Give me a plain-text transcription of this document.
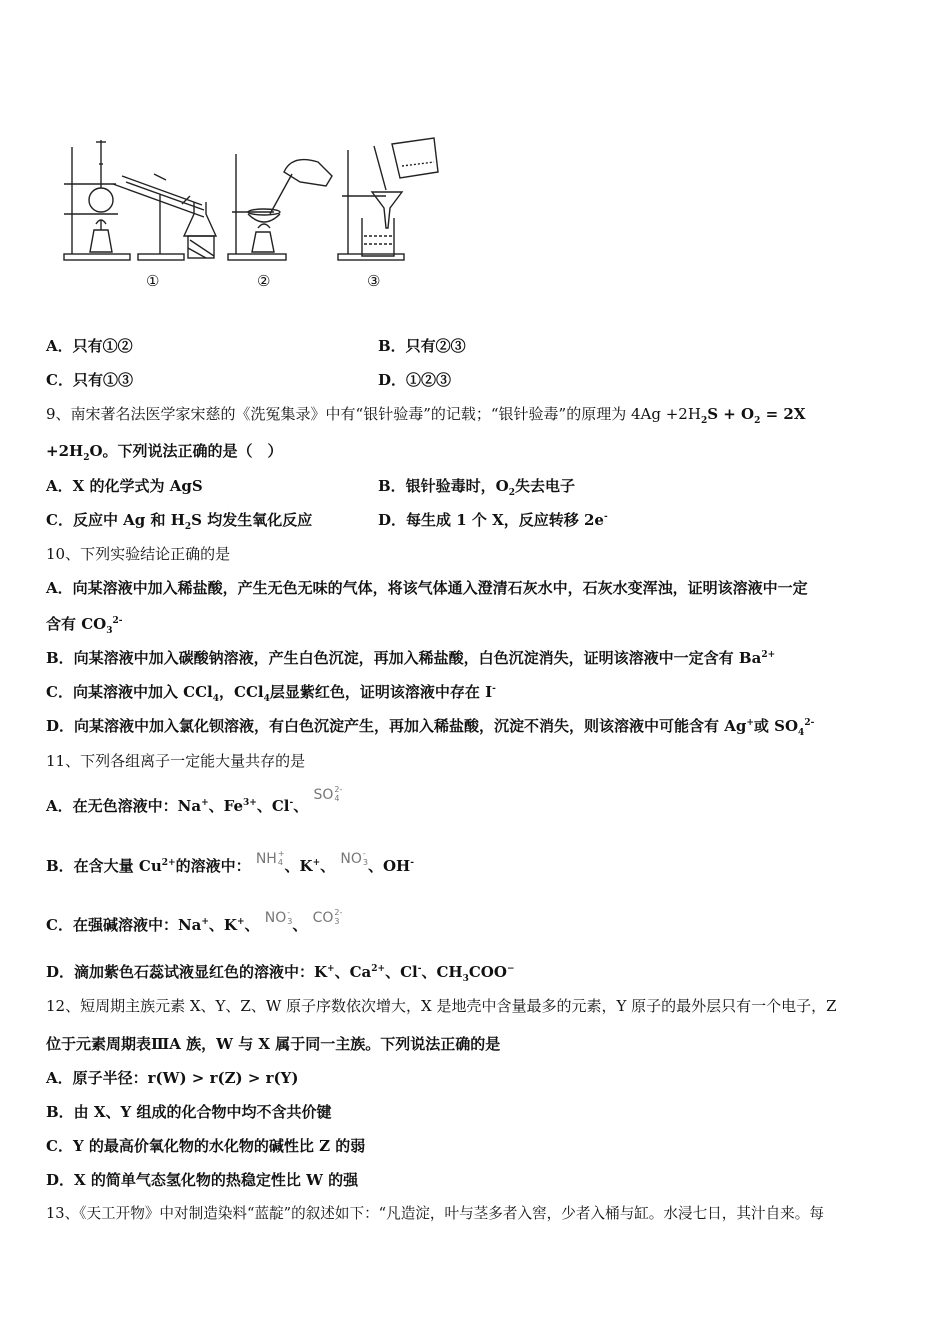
①	②	③
A．只有①②	B．只有②③
C．只有①③	D．①②③
9、南宋著名法医学家宋慈的《洗冤集录》中有“银针验毒”的记载；“银针验毒”的原理为 $4Ag +2H_2S + O_2 = 2X$
$+2H_2O$。下列说法正确的是（　）
A．X 的化学式为 AgS	B．银针验毒时，$O_2$失去电子
C．反应中 Ag 和 $H_2S$ 均发生氧化反应	D．每生成 1 个 X，反应转移 2e-
10、下列实验结论正确的是
A．向某溶液中加入稀盐酸，产生无色无味的气体，将该气体通入澄清石灰水中，石灰水变浑浊，证明该溶液中一定
含有 $CO_3^{2-}$
B．向某溶液中加入碳酸钠溶液，产生白色沉淀，再加入稀盐酸，白色沉淀消失，证明该溶液中一定含有 $Ba^{2+}$
C．向某溶液中加入 CCl$_4$，CCl$_4$层显紫红色，证明该溶液中存在 I-
D．向某溶液中加入氯化钡溶液，有白色沉淀产生，再加入稀盐酸，沉淀不消失，则该溶液中可能含有 Ag+或 $SO_4^{2-}$
11、下列各组离子一定能大量共存的是
A．在无色溶液中：Na+、$Fe^{3+}$、Cl-、 SO 2-
4
B．在含大量 $Cu^{2+}$的溶液中： NH +
4 、K+、 NO -
3 、OH-
C．在强碱溶液中：Na+、K+、 NO -
3 、 CO 2-
3
D．滴加紫色石蕊试液显红色的溶液中：K+、$Ca^{2+}$、Cl-、$CH_3COO^-$
12、短周期主族元素 X、Y、Z、W 原子序数依次增大，X 是地壳中含量最多的元素，Y 原子的最外层只有一个电子，Z
位于元素周期表ⅢA 族，W 与 X 属于同一主族。下列说法正确的是
A．原子半径：r(W) > r(Z) > r(Y)
B．由 X、Y 组成的化合物中均不含共价键
C．Y 的最高价氧化物的水化物的碱性比 Z 的弱
D．X 的简单气态氢化物的热稳定性比 W 的强
13、《天工开物》中对制造染料“蓝靛”的叙述如下：“凡造淀，叶与茎多者入窖，少者入桶与缸。水浸七日，其汁自来。每
